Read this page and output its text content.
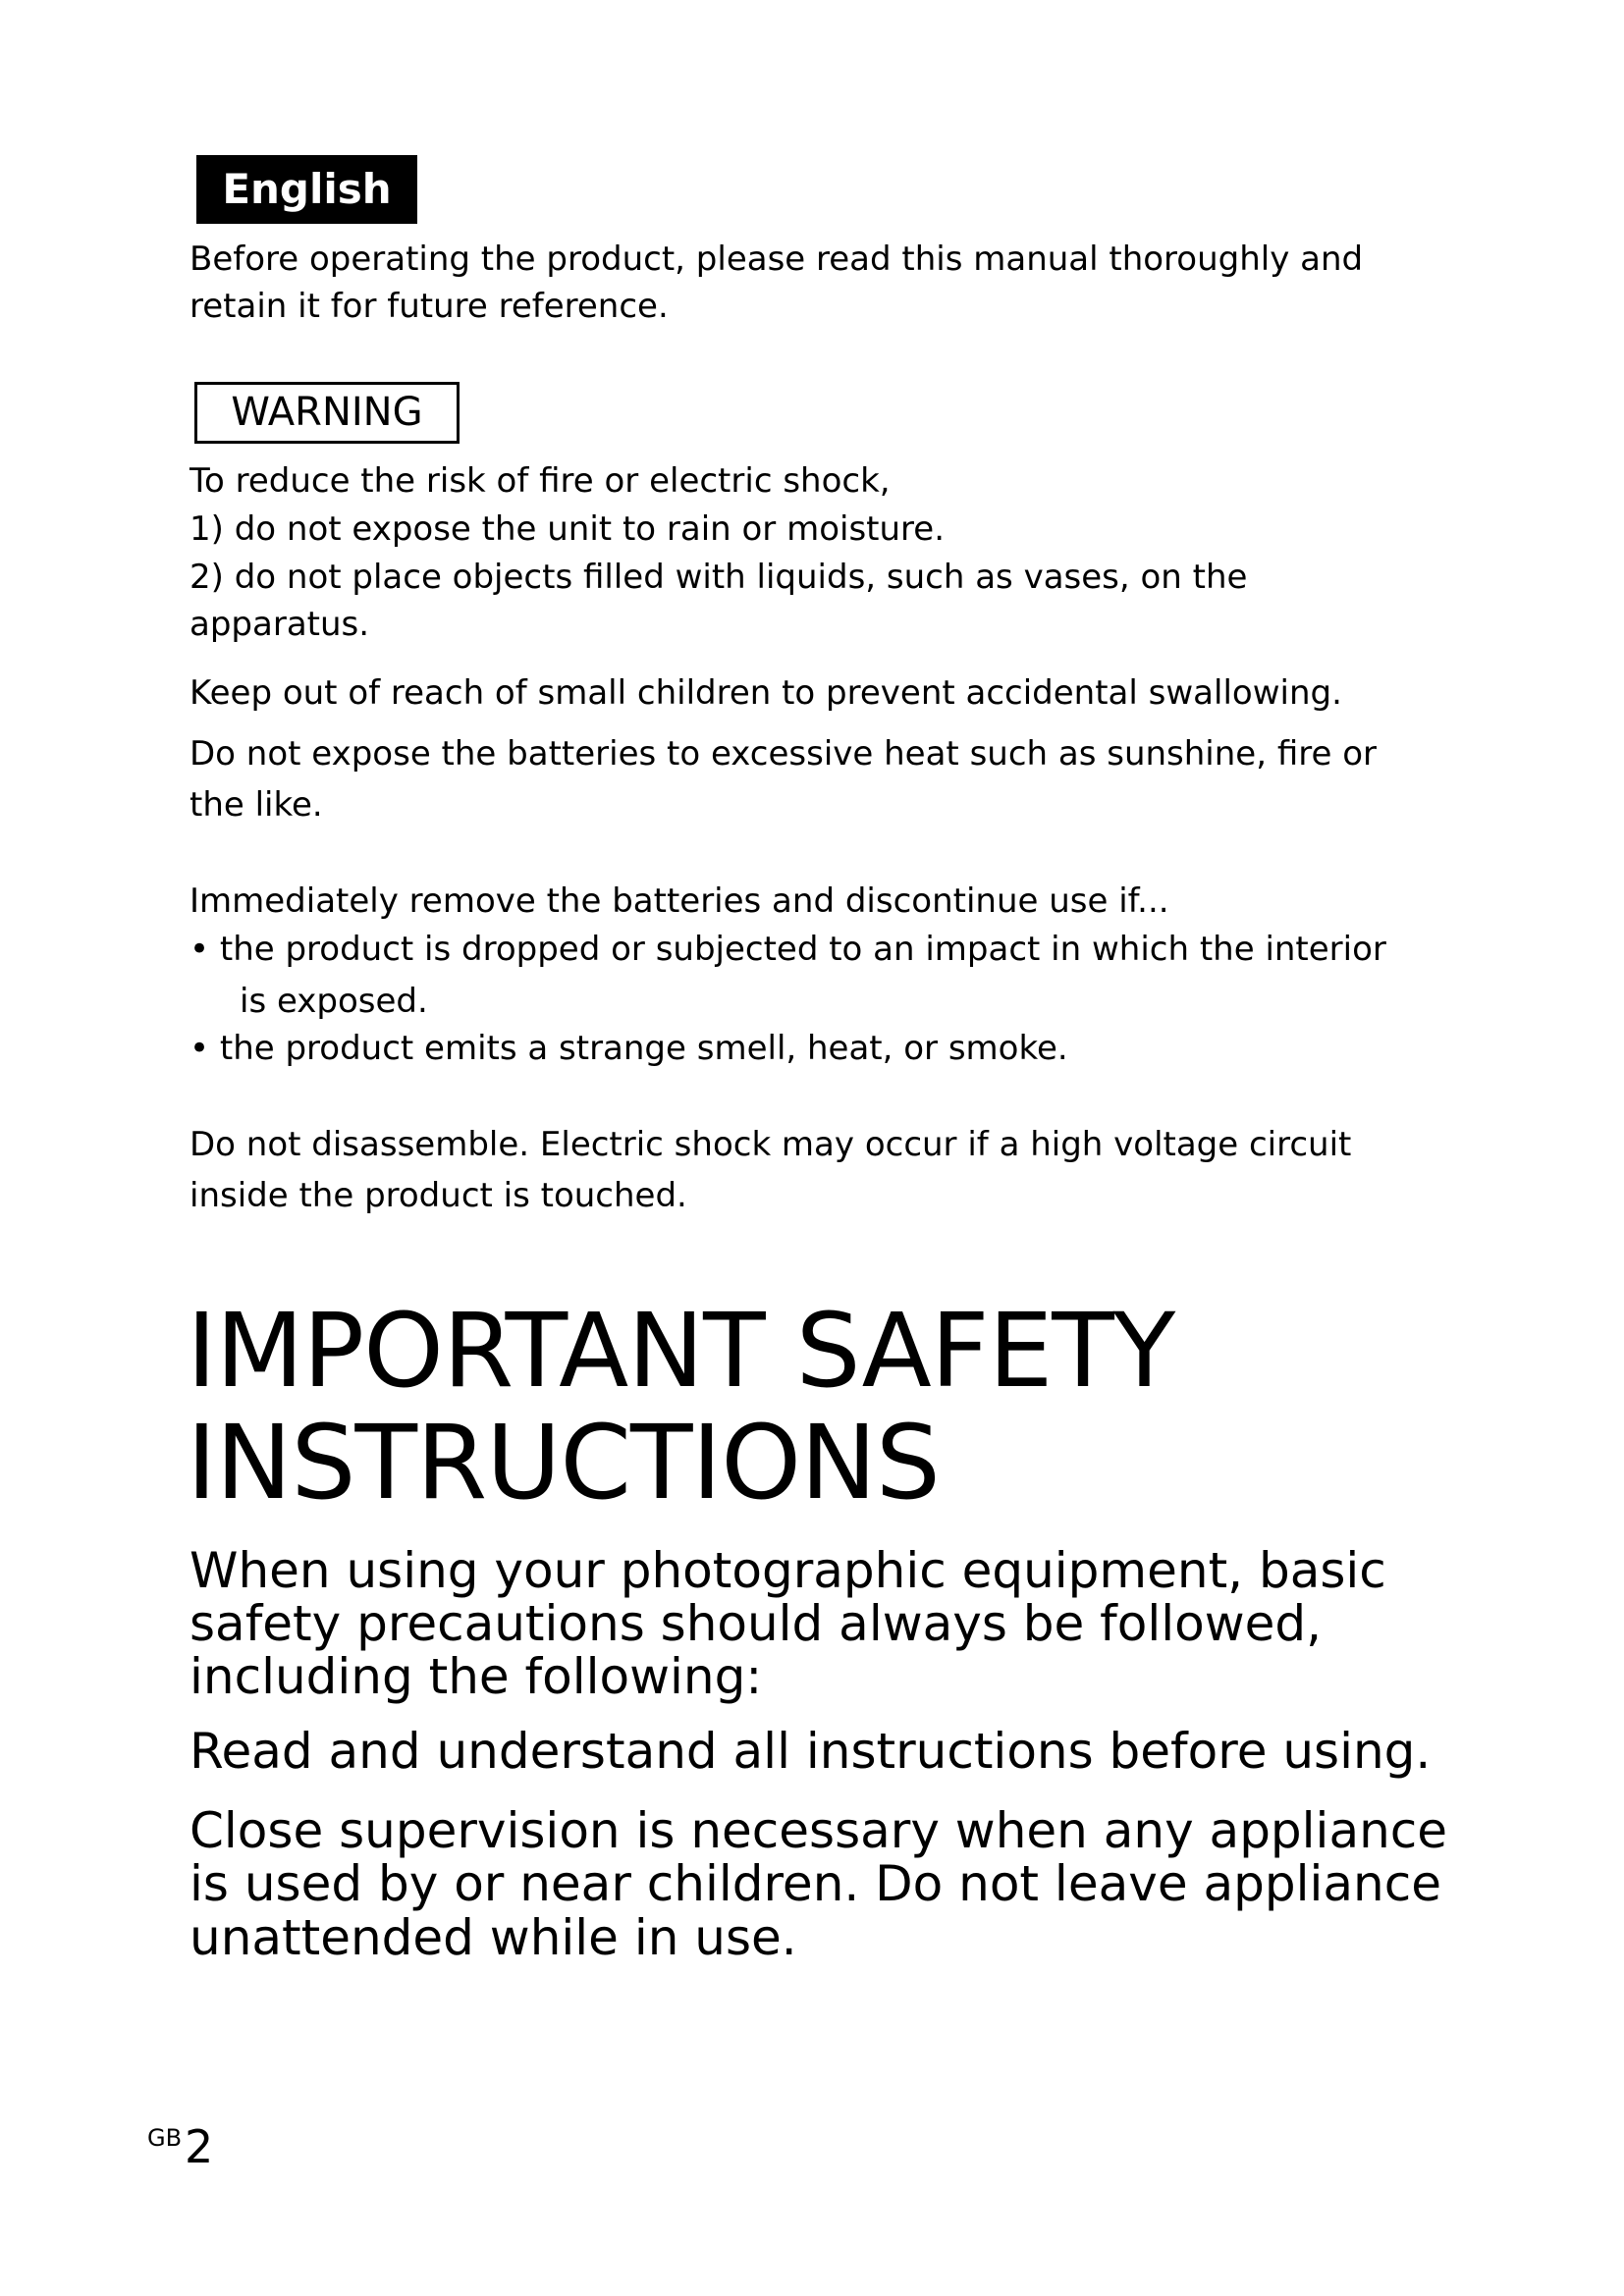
English
Before operating the product, please read this manual thoroughly and
retain it for future reference.
WARNING
To reduce the risk of fire or electric shock,
1) do not expose the unit to rain or moisture.
2) do not place objects filled with liquids, such as vases, on the
apparatus.
Keep out of reach of small children to prevent accidental swallowing.
Do not expose the batteries to excessive heat such as sunshine, fire or
the like.
Immediately remove the batteries and discontinue use if...
• the product is dropped or subjected to an impact in which the interior
is exposed.
• the product emits a strange smell, heat, or smoke.
Do not disassemble. Electric shock may occur if a high voltage circuit
inside the product is touched.
IMPORTANT SAFETY
INSTRUCTIONS
When using your photographic equipment, basic
safety precautions should always be followed,
including the following:
Read and understand all instructions before using.
Close supervision is necessary when any appliance
is used by or near children. Do not leave appliance
unattended while in use.
GB 2
